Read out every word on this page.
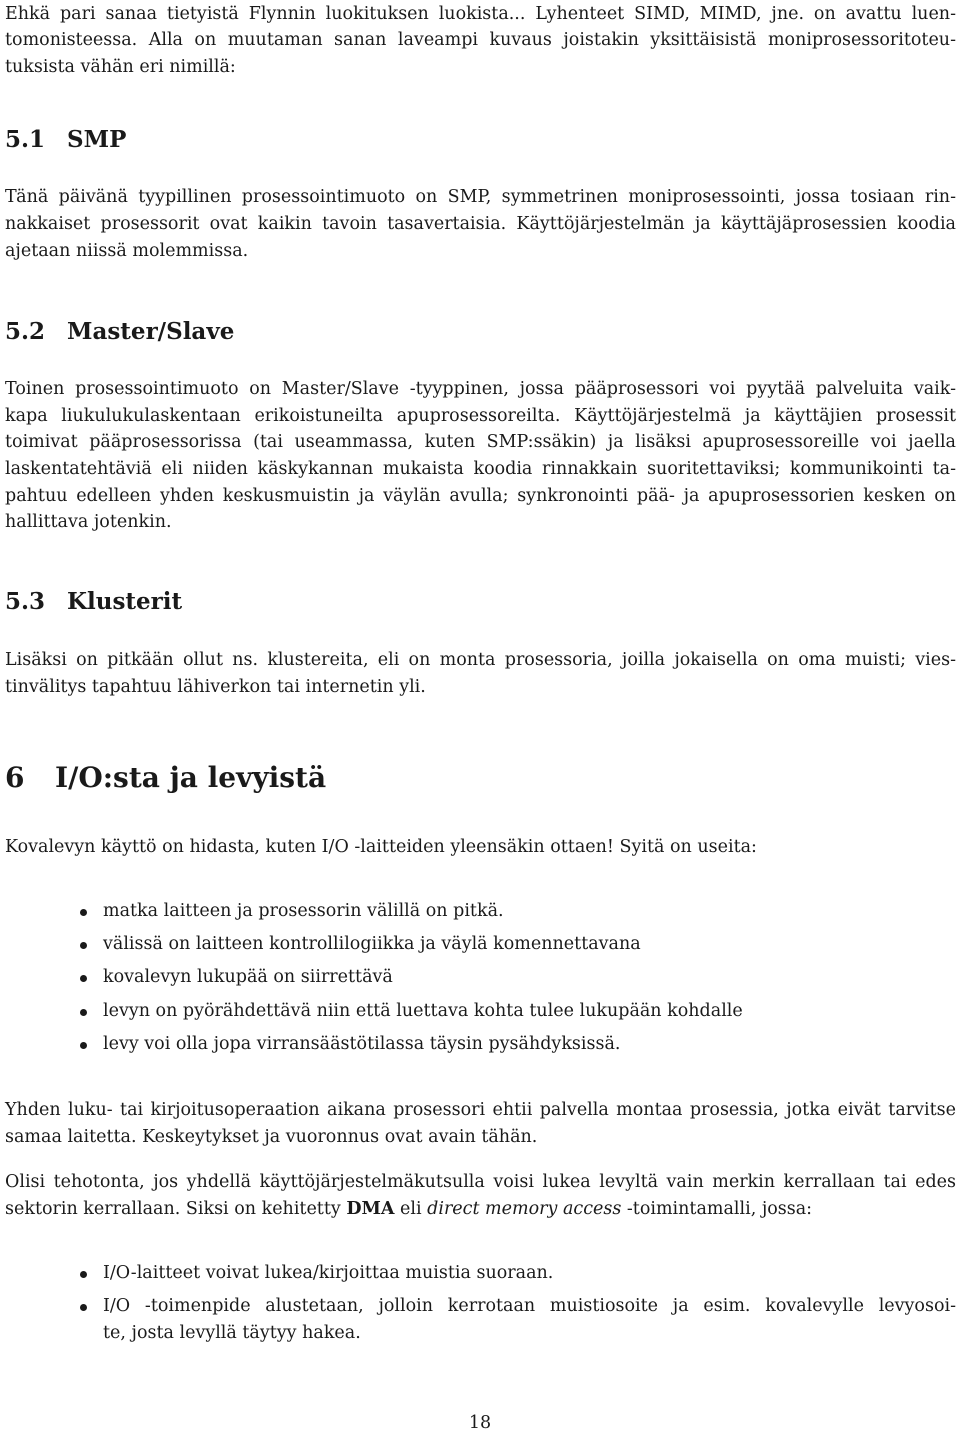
Ehkä pari sanaa tietyistä Flynnin luokituksen luokista... Lyhenteet SIMD, MIMD, jne. on avattu luen-
tomonisteessa. Alla on muutaman sanan laveampi kuvaus joistakin yksittäisistä moniprosessoritoteu-
tuksista vähän eri nimillä:
5.1 SMP
Tänä päivänä tyypillinen prosessointimuoto on SMP, symmetrinen moniprosessointi, jossa tosiaan rin-
nakkaiset prosessorit ovat kaikin tavoin tasavertaisia. Käyttöjärjestelmän ja käyttäjäprosessien koodia
ajetaan niissä molemmissa.
5.2 Master/Slave
Toinen prosessointimuoto on Master/Slave -tyyppinen, jossa pääprosessori voi pyytää palveluita vaik-
kapa liukulukulaskentaan erikoistuneilta apuprosessoreilta. Käyttöjärjestelmä ja käyttäjien prosessit
toimivat pääprosessorissa (tai useammassa, kuten SMP:ssäkin) ja lisäksi apuprosessoreille voi jaella
laskentatehtäviä eli niiden käskykannan mukaista koodia rinnakkain suoritettaviksi; kommunikointi ta-
pahtuu edelleen yhden keskusmuistin ja väylän avulla; synkronointi pää- ja apuprosessorien kesken on
hallittava jotenkin.
5.3 Klusterit
Lisäksi on pitkään ollut ns. klustereita, eli on monta prosessoria, joilla jokaisella on oma muisti; vies-
tinvälitys tapahtuu lähiverkon tai internetin yli.
6 I/O:sta ja levyistä
Kovalevyn käyttö on hidasta, kuten I/O -laitteiden yleensäkin ottaen! Syitä on useita:
matka laitteen ja prosessorin välillä on pitkä.
välissä on laitteen kontrollilogiikka ja väylä komennettavana
kovalevyn lukupää on siirrettävä
levyn on pyörähdettävä niin että luettava kohta tulee lukupään kohdalle
levy voi olla jopa virransäästötilassa täysin pysähdyksissä.
Yhden luku- tai kirjoitusoperaation aikana prosessori ehtii palvella montaa prosessia, jotka eivät tarvitse
samaa laitetta. Keskeytykset ja vuoronnus ovat avain tähän.
Olisi tehotonta, jos yhdellä käyttöjärjestelmäkutsulla voisi lukea levyltä vain merkin kerrallaan tai edes
sektorin kerrallaan. Siksi on kehitetty DMA eli direct memory access -toimintamalli, jossa:
I/O-laitteet voivat lukea/kirjoittaa muistia suoraan.
I/O -toimenpide alustetaan, jolloin kerrotaan muistiosoite ja esim. kovalevylle levyosoi-
te, josta levyllä täytyy hakea.
18
